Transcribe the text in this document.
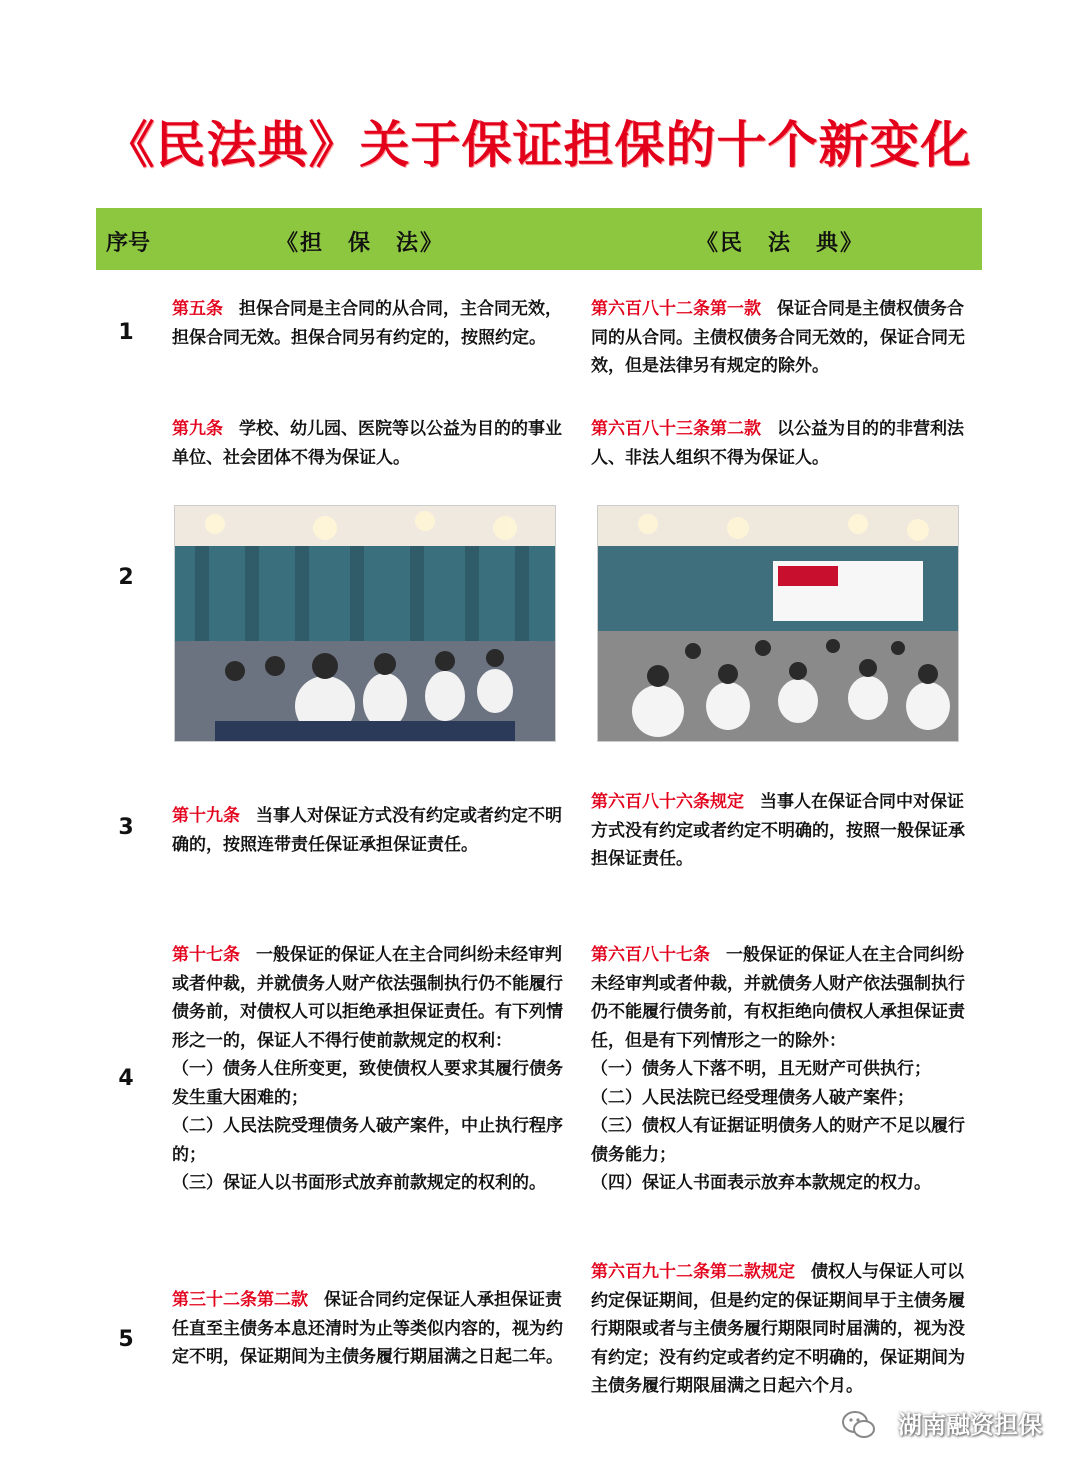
《民法典》关于保证担保的十个新变化
序号	《担　保　法》	《民　法　典》
1
第五条 担保合同是主合同的从合同，主合同无效，担保合同无效。担保合同另有约定的，按照约定。
第六百八十二条第一款 保证合同是主债权债务合同的从合同。主债权债务合同无效的，保证合同无效，但是法律另有规定的除外。
2
第九条 学校、幼儿园、医院等以公益为目的的事业单位、社会团体不得为保证人。
第六百八十三条第二款 以公益为目的的非营利法人、非法人组织不得为保证人。
3	第十九条 当事人对保证方式没有约定或者约定不明确的，按照连带责任保证承担保证责任。
第六百八十六条规定 当事人在保证合同中对保证方式没有约定或者约定不明确的，按照一般保证承担保证责任。
4
第十七条 一般保证的保证人在主合同纠纷未经审判或者仲裁，并就债务人财产依法强制执行仍不能履行债务前，对债权人可以拒绝承担保证责任。有下列情形之一的，保证人不得行使前款规定的权利：
（一）债务人住所变更，致使债权人要求其履行债务发生重大困难的；
（二）人民法院受理债务人破产案件，中止执行程序的；
（三）保证人以书面形式放弃前款规定的权利的。
第六百八十七条 一般保证的保证人在主合同纠纷未经审判或者仲裁，并就债务人财产依法强制执行仍不能履行债务前，有权拒绝向债权人承担保证责任，但是有下列情形之一的除外：
（一）债务人下落不明，且无财产可供执行；
（二）人民法院已经受理债务人破产案件；
（三）债权人有证据证明债务人的财产不足以履行债务能力；
（四）保证人书面表示放弃本款规定的权力。
5
第三十二条第二款 保证合同约定保证人承担保证责任直至主债务本息还清时为止等类似内容的，视为约定不明，保证期间为主债务履行期届满之日起二年。
第六百九十二条第二款规定 债权人与保证人可以约定保证期间，但是约定的保证期间早于主债务履行期限或者与主债务履行期限同时届满的，视为没有约定；没有约定或者约定不明确的，保证期间为主债务履行期限届满之日起六个月。
湖南融资担保
